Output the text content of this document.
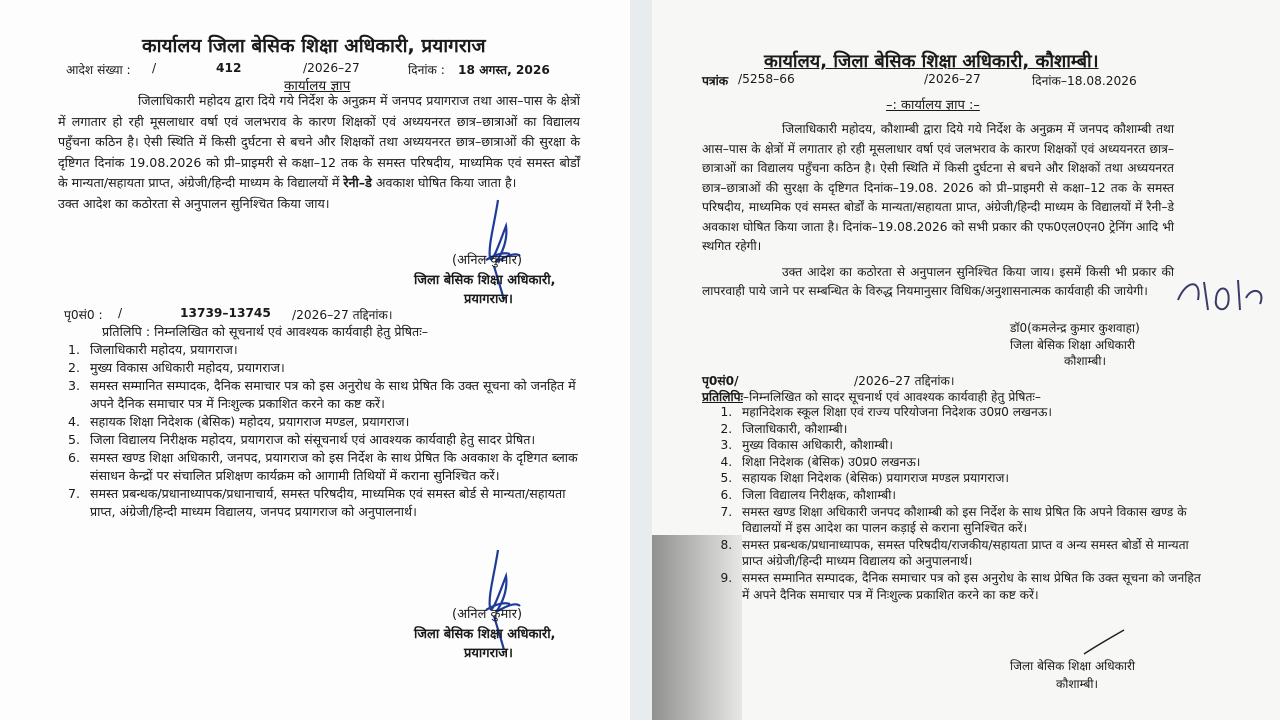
कार्यालय जिला बेसिक शिक्षा अधिकारी, प्रयागराज
आदेश संख्या : /	412	/2026–27	दिनांक : 18 अगस्त, 2026
कार्यालय ज्ञाप

जिलाधिकारी महोदय द्वारा दिये गये निर्देश के अनुक्रम में जनपद प्रयागराज तथा आस–पास के क्षेत्रों में लगातार हो रही मूसलाधार वर्षा एवं जलभराव के कारण शिक्षकों एवं अध्ययनरत छात्र–छात्राओं का विद्यालय पहुँचना कठिन है। ऐसी स्थिति में किसी दुर्घटना से बचने और शिक्षकों तथा अध्ययनरत छात्र–छात्राओं की सुरक्षा के दृष्टिगत दिनांक 19.08.2026 को प्री–प्राइमरी से कक्षा–12 तक के समस्त परिषदीय, माध्यमिक एवं समस्त बोर्डों के मान्यता/सहायता प्राप्त, अंग्रेजी/हिन्दी माध्यम के विद्यालयों में रेनी–डे अवकाश घोषित किया जाता है।

उक्त आदेश का कठोरता से अनुपालन सुनिश्चित किया जाय।
(अनिल कुमार)
जिला बेसिक शिक्षा अधिकारी,
प्रयागराज।
पृ0सं0 : /	13739–13745 /2026–27 तद्दिनांक।
प्रतिलिपि : निम्नलिखित को सूचनार्थ एवं आवश्यक कार्यवाही हेतु प्रेषितः–
1. जिलाधिकारी महोदय, प्रयागराज।
2. मुख्य विकास अधिकारी महोदय, प्रयागराज।
3. समस्त सम्मानित सम्पादक, दैनिक समाचार पत्र को इस अनुरोध के साथ प्रेषित कि उक्त सूचना को जनहित में अपने दैनिक समाचार पत्र में निःशुल्क प्रकाशित करने का कष्ट करें।
4. सहायक शिक्षा निदेशक (बेसिक) महोदय, प्रयागराज मण्डल, प्रयागराज।
5. जिला विद्यालय निरीक्षक महोदय, प्रयागराज को संसूचनार्थ एवं आवश्यक कार्यवाही हेतु सादर प्रेषित।
6. समस्त खण्ड शिक्षा अधिकारी, जनपद, प्रयागराज को इस निर्देश के साथ प्रेषित कि अवकाश के दृष्टिगत ब्लाक संसाधन केन्द्रों पर संचालित प्रशिक्षण कार्यक्रम को आगामी तिथियों में कराना सुनिश्चित करें।
7. समस्त प्रबन्धक/प्रधानाध्यापक/प्रधानाचार्य, समस्त परिषदीय, माध्यमिक एवं समस्त बोर्ड से मान्यता/सहायता प्राप्त, अंग्रेजी/हिन्दी माध्यम विद्यालय, जनपद प्रयागराज को अनुपालनार्थ।
(अनिल कुमार)
जिला बेसिक शिक्षा अधिकारी,
प्रयागराज।
कार्यालय, जिला बेसिक शिक्षा अधिकारी, कौशाम्बी।
पत्रांक /5258–66	/2026–27	दिनांक–18.08.2026
–: कार्यालय ज्ञाप :–

जिलाधिकारी महोदय, कौशाम्बी द्वारा दिये गये निर्देश के अनुक्रम में जनपद कौशाम्बी तथा आस–पास के क्षेत्रों में लगातार हो रही मूसलाधार वर्षा एवं जलभराव के कारण शिक्षकों एवं अध्ययनरत छात्र–छात्राओं का विद्यालय पहुँचना कठिन है। ऐसी स्थिति में किसी दुर्घटना से बचने और शिक्षकों तथा अध्ययनरत छात्र–छात्राओं की सुरक्षा के दृष्टिगत दिनांक–19.08. 2026 को प्री–प्राइमरी से कक्षा–12 तक के समस्त परिषदीय, माध्यमिक एवं समस्त बोर्डों के मान्यता/सहायता प्राप्त, अंग्रेजी/हिन्दी माध्यम के विद्यालयों में रैनी–डे अवकाश घोषित किया जाता है। दिनांक–19.08.2026 को सभी प्रकार की एफ0एल0एन0 ट्रेनिंग आदि भी स्थगित रहेगी।

उक्त आदेश का कठोरता से अनुपालन सुनिश्चित किया जाय। इसमें किसी भी प्रकार की लापरवाही पाये जाने पर सम्बन्धित के विरुद्ध नियमानुसार विधिक/अनुशासनात्मक कार्यवाही की जायेगी।

डॉ0(कमलेन्द्र कुमार कुशवाहा)
जिला बेसिक शिक्षा अधिकारी
कौशाम्बी।
पृ0सं0/	/2026–27 तद्दिनांक।
प्रतिलिपिः–निम्नलिखित को सादर सूचनार्थ एवं आवश्यक कार्यवाही हेतु प्रेषितः–
1. महानिदेशक स्कूल शिक्षा एवं राज्य परियोजना निदेशक उ0प्र0 लखनऊ।
2. जिलाधिकारी, कौशाम्बी।
3. मुख्य विकास अधिकारी, कौशाम्बी।
4. शिक्षा निदेशक (बेसिक) उ0प्र0 लखनऊ।
5. सहायक शिक्षा निदेशक (बेसिक) प्रयागराज मण्डल प्रयागराज।
6. जिला विद्यालय निरीक्षक, कौशाम्बी।
7. समस्त खण्ड शिक्षा अधिकारी जनपद कौशाम्बी को इस निर्देश के साथ प्रेषित कि अपने विकास खण्ड के विद्यालयों में इस आदेश का पालन कड़ाई से कराना सुनिश्चित करें।
8. समस्त प्रबन्धक/प्रधानाध्यापक, समस्त परिषदीय/राजकीय/सहायता प्राप्त व अन्य समस्त बोर्डो से मान्यता प्राप्त अंग्रेजी/हिन्दी माध्यम विद्यालय को अनुपालनार्थ।
9. समस्त सम्मानित सम्पादक, दैनिक समाचार पत्र को इस अनुरोध के साथ प्रेषित कि उक्त सूचना को जनहित में अपने दैनिक समाचार पत्र में निःशुल्क प्रकाशित करने का कष्ट करें।
जिला बेसिक शिक्षा अधिकारी
कौशाम्बी।
